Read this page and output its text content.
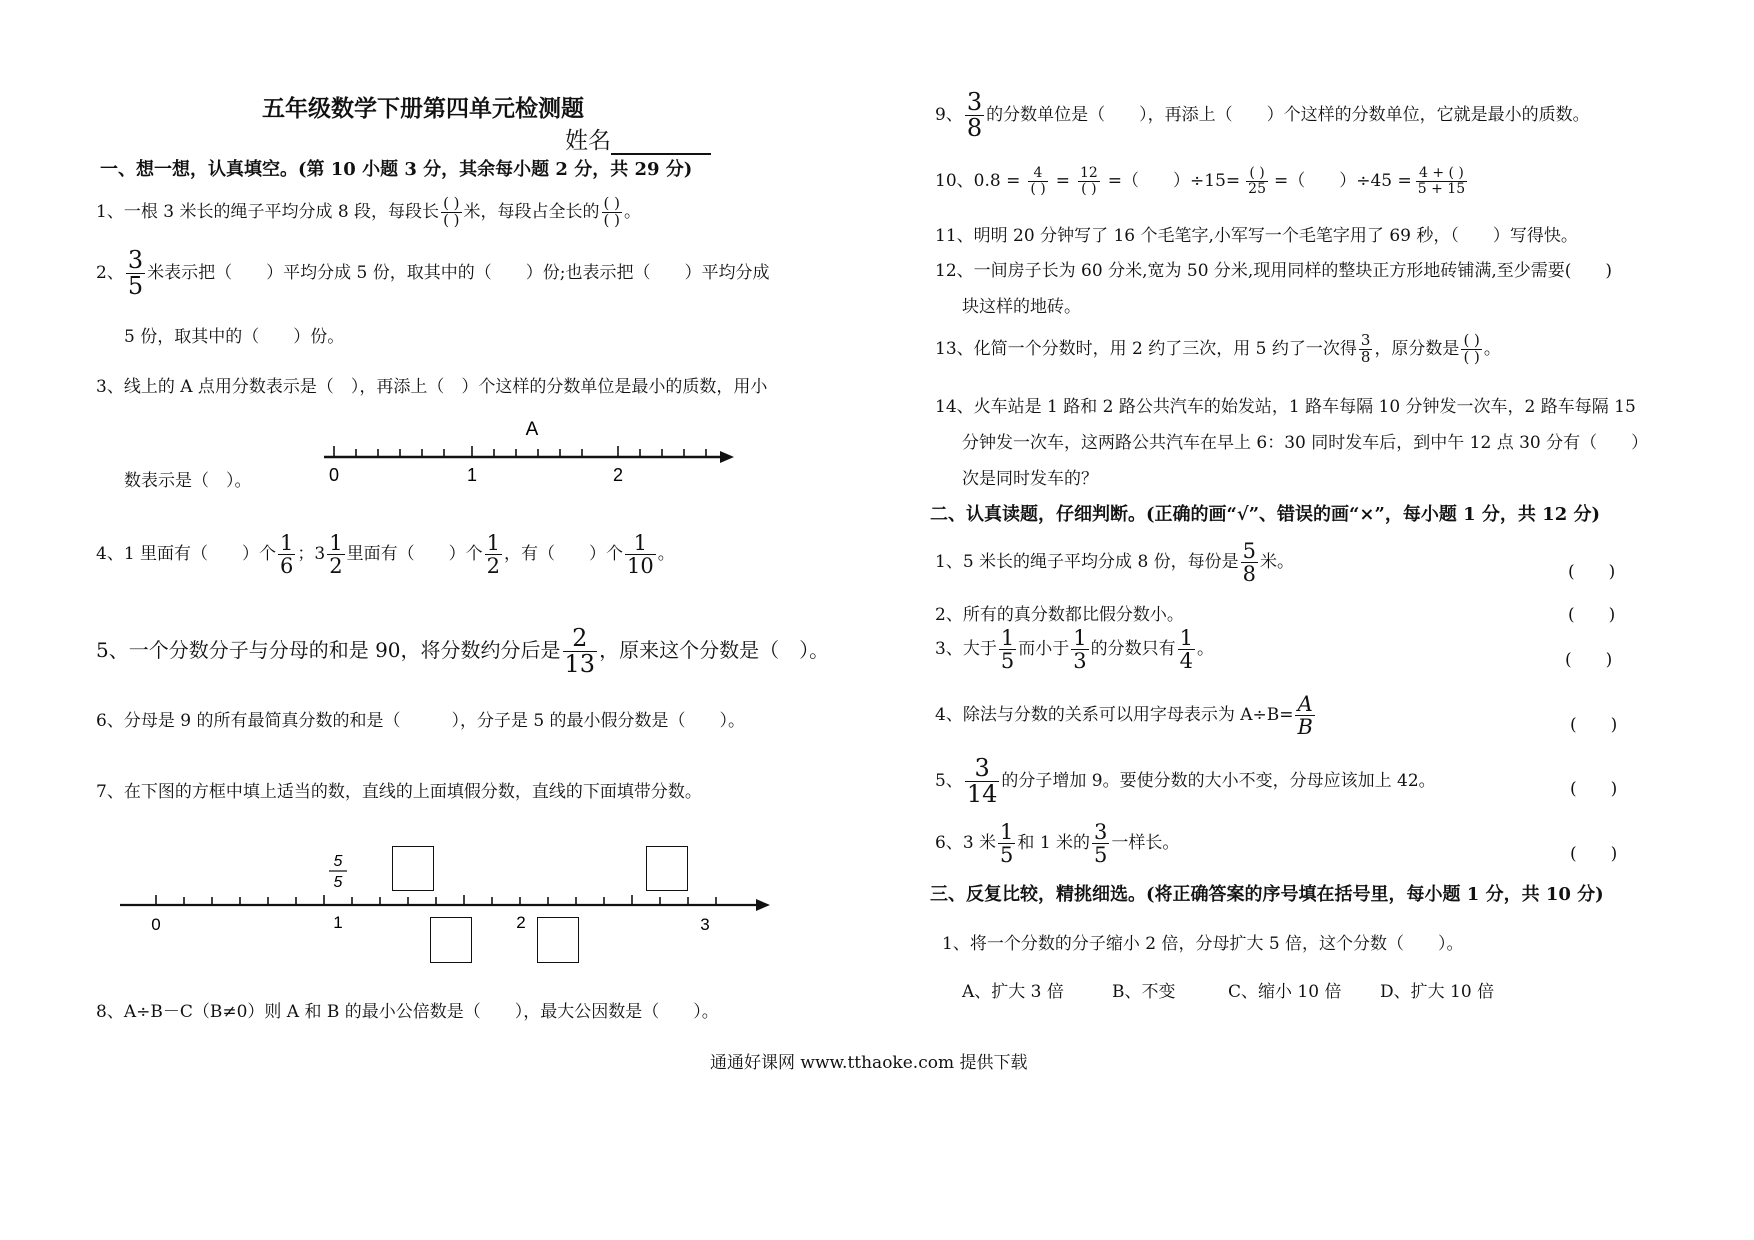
五年级数学下册第四单元检测题
姓名
一、想一想，认真填空。(第 10 小题 3 分，其余每小题 2 分，共 29 分)
1、一根 3 米长的绳子平均分成 8 段，每段长 $\frac{( )}{( )}$ 米，每段占全长的 $\frac{( )}{( )}$ 。
2、 $\frac{3}{5}$ 米表示把（　　）平均分成 5 份，取其中的（　　）份;也表示把（　　）平均分成
5 份，取其中的（　　）份。
3、线上的 A 点用分数表示是（　），再添上（　）个这样的分数单位是最小的质数，用小
数表示是（　）。
A
0	1	2
4、1 里面有（　　）个 $\frac{1}{6}$ ；$3 \frac{1}{2}$ 里面有（　　）个 $\frac{1}{2}$ ，有（　　）个 $\frac{1}{10}$ 。
5、一个分数分子与分母的和是 90，将分数约分后是 $\frac{2}{13}$ ，原来这个分数是（　）。
6、分母是 9 的所有最简真分数的和是（　　　），分子是 5 的最小假分数是（　　）。
7、在下图的方框中填上适当的数，直线的上面填假分数，直线的下面填带分数。
0	1	2	3
5
5
8、A÷B－C（B≠0）则 A 和 B 的最小公倍数是（　　），最大公因数是（　　）。
9、 $\frac{3}{8}$ 的分数单位是（　　），再添上（　　）个这样的分数单位，它就是最小的质数。
10、$0.8 = \frac{4}{( )} = \frac{12}{( )}$ =（　　）$\div 15= \frac{( )}{25}$ =（　　）$\div 45 = \frac{4 + ( )}{5 + 15}$
11、明明 20 分钟写了 16 个毛笔字,小军写一个毛笔字用了 69 秒，（　　）写得快。
12、一间房子长为 60 分米,宽为 50 分米,现用同样的整块正方形地砖铺满,至少需要(　　)
块这样的地砖。
13、化简一个分数时，用 2 约了三次，用 5 约了一次得 $\frac{3}{8}$ ，原分数是 $\frac{( )}{( )}$ 。
14、火车站是 1 路和 2 路公共汽车的始发站，1 路车每隔 10 分钟发一次车，2 路车每隔 15
分钟发一次车，这两路公共汽车在早上 6：30 同时发车后，到中午 12 点 30 分有（　　）
次是同时发车的？
二、认真读题，仔细判断。(正确的画“√”、错误的画“×”，每小题 1 分，共 12 分)
1、5 米长的绳子平均分成 8 份，每份是 $\frac{5}{8}$ 米。	(　　)
2、所有的真分数都比假分数小。	(　　)
3、大于 $\frac{1}{5}$ 而小于 $\frac{1}{3}$ 的分数只有 $\frac{1}{4}$ 。
(　　)
4、除法与分数的关系可以用字母表示为 $A\div B= \frac{A}{B}$	(　　)
5、 $\frac{3}{14}$ 的分子增加 9。要使分数的大小不变，分母应该加上 42。	(　　)
6、3 米 $\frac{1}{5}$ 和 1 米的 $\frac{3}{5}$ 一样长。
(　　)
三、反复比较，精挑细选。(将正确答案的序号填在括号里，每小题 1 分，共 10 分)
1、将一个分数的分子缩小 2 倍，分母扩大 5 倍，这个分数（　　）。
A、扩大 3 倍	B、不变	C、缩小 10 倍 D、扩大 10 倍
通通好课网 www.tthaoke.com 提供下载
